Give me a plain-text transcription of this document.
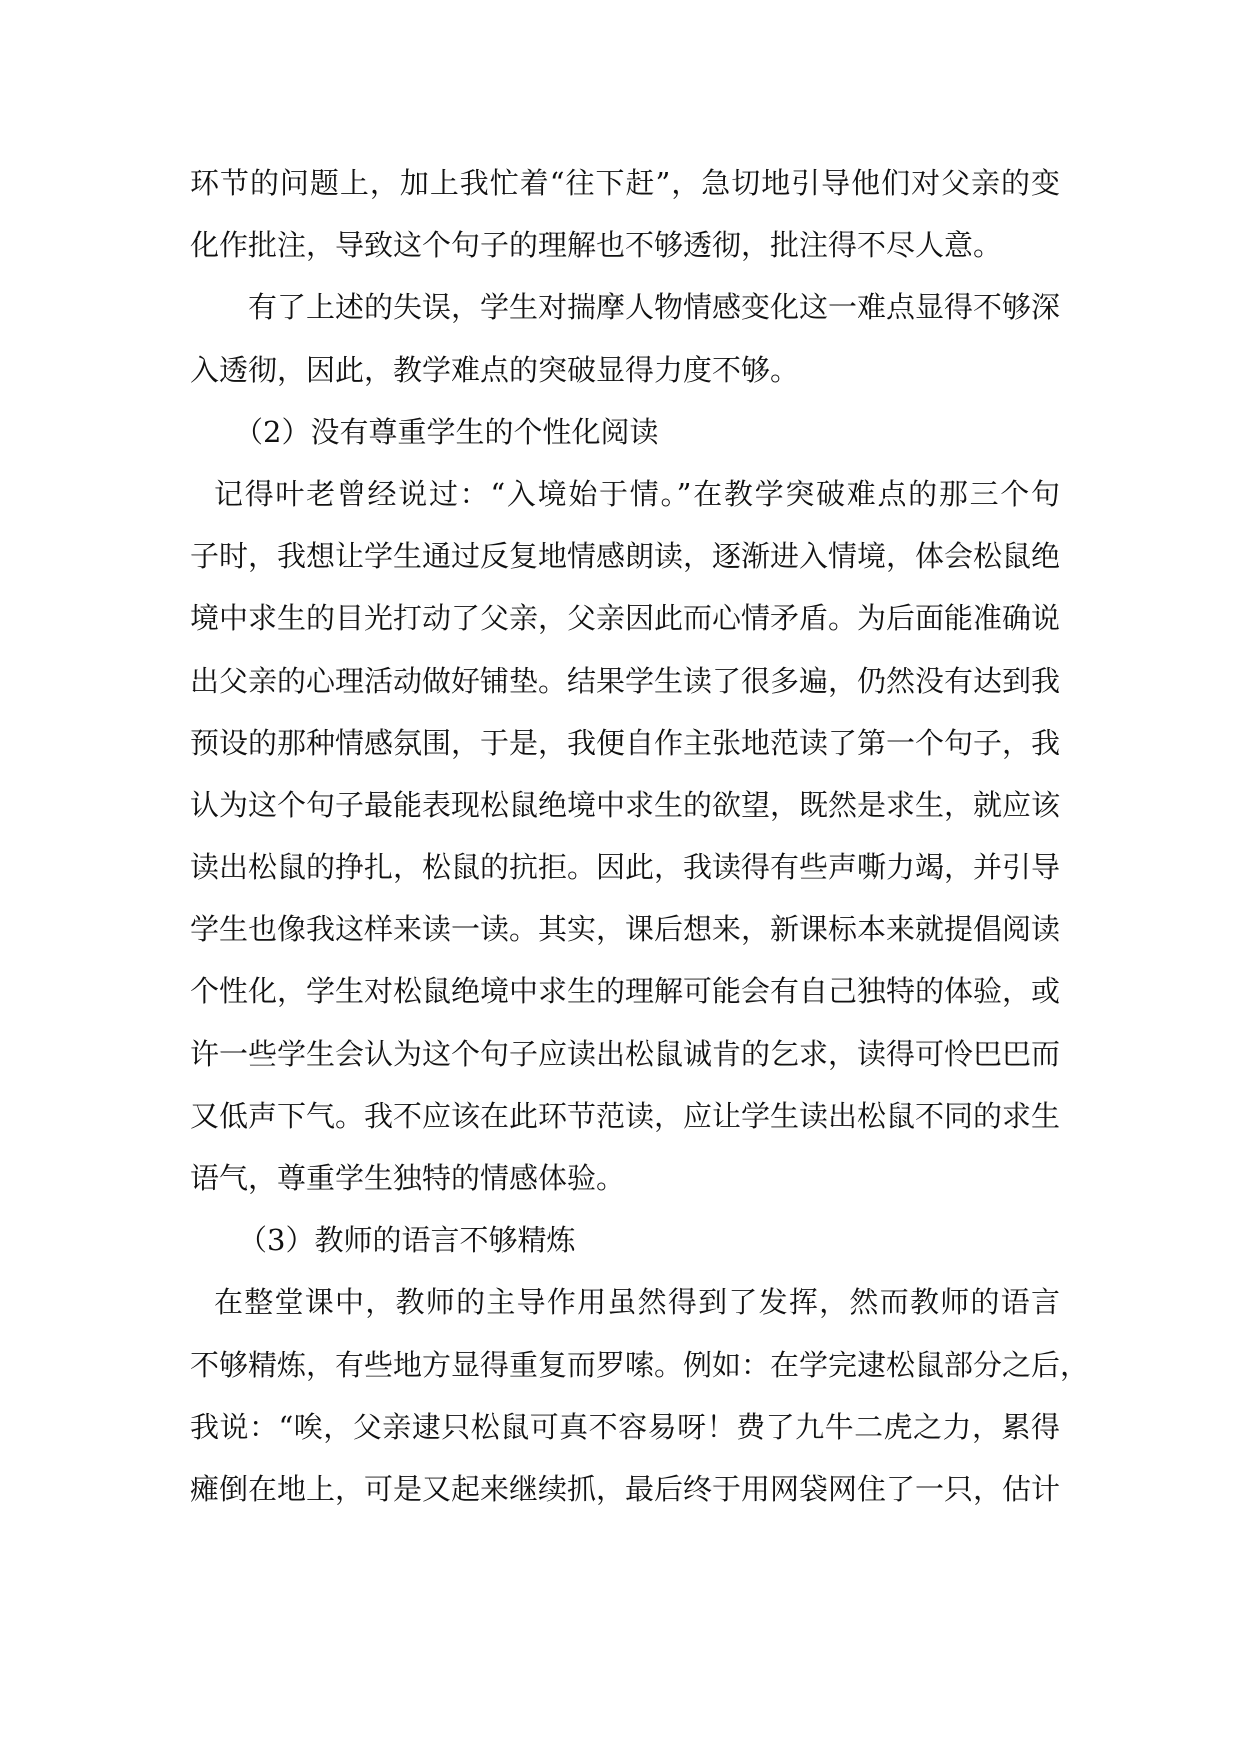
环节的问题上，加上我忙着“往下赶”，急切地引导他们对父亲的变
化作批注，导致这个句子的理解也不够透彻，批注得不尽人意。
有了上述的失误，学生对揣摩人物情感变化这一难点显得不够深
入透彻，因此，教学难点的突破显得力度不够。
（2）没有尊重学生的个性化阅读
记得叶老曾经说过：“入境始于情。”在教学突破难点的那三个句
子时，我想让学生通过反复地情感朗读，逐渐进入情境，体会松鼠绝
境中求生的目光打动了父亲，父亲因此而心情矛盾。为后面能准确说
出父亲的心理活动做好铺垫。结果学生读了很多遍，仍然没有达到我
预设的那种情感氛围，于是，我便自作主张地范读了第一个句子，我
认为这个句子最能表现松鼠绝境中求生的欲望，既然是求生，就应该
读出松鼠的挣扎，松鼠的抗拒。因此，我读得有些声嘶力竭，并引导
学生也像我这样来读一读。其实，课后想来，新课标本来就提倡阅读
个性化，学生对松鼠绝境中求生的理解可能会有自己独特的体验，或
许一些学生会认为这个句子应读出松鼠诚肯的乞求，读得可怜巴巴而
又低声下气。我不应该在此环节范读，应让学生读出松鼠不同的求生
语气，尊重学生独特的情感体验。
（3）教师的语言不够精炼
在整堂课中，教师的主导作用虽然得到了发挥，然而教师的语言
不够精炼，有些地方显得重复而罗嗦。例如：在学完逮松鼠部分之后，
我说：“唉，父亲逮只松鼠可真不容易呀！费了九牛二虎之力，累得
瘫倒在地上，可是又起来继续抓，最后终于用网袋网住了一只，估计
